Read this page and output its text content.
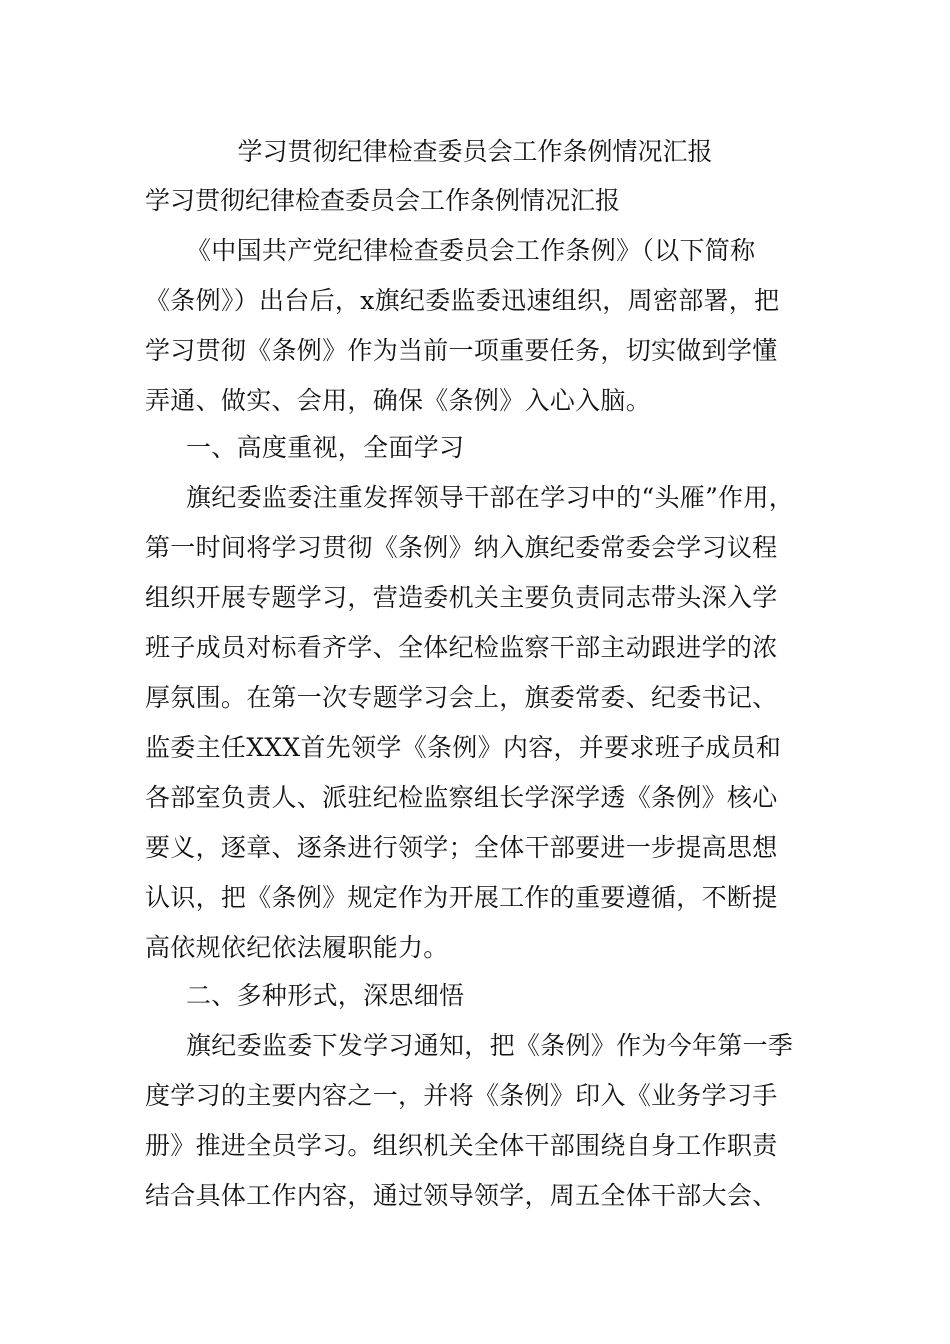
学习贯彻纪律检查委员会工作条例情况汇报
学习贯彻纪律检查委员会工作条例情况汇报
《中国共产党纪律检查委员会工作条例》（以下简称
《条例》）出台后，x旗纪委监委迅速组织，周密部署，把
学习贯彻《条例》作为当前一项重要任务，切实做到学懂
弄通、做实、会用，确保《条例》入心入脑。
一、高度重视，全面学习
旗纪委监委注重发挥领导干部在学习中的“头雁”作用，
第一时间将学习贯彻《条例》纳入旗纪委常委会学习议程
组织开展专题学习，营造委机关主要负责同志带头深入学
班子成员对标看齐学、全体纪检监察干部主动跟进学的浓
厚氛围。在第一次专题学习会上，旗委常委、纪委书记、
监委主任XXX首先领学《条例》内容，并要求班子成员和
各部室负责人、派驻纪检监察组长学深学透《条例》核心
要义，逐章、逐条进行领学；全体干部要进一步提高思想
认识，把《条例》规定作为开展工作的重要遵循，不断提
高依规依纪依法履职能力。
二、多种形式，深思细悟
旗纪委监委下发学习通知，把《条例》作为今年第一季
度学习的主要内容之一，并将《条例》印入《业务学习手
册》推进全员学习。组织机关全体干部围绕自身工作职责
结合具体工作内容，通过领导领学，周五全体干部大会、
